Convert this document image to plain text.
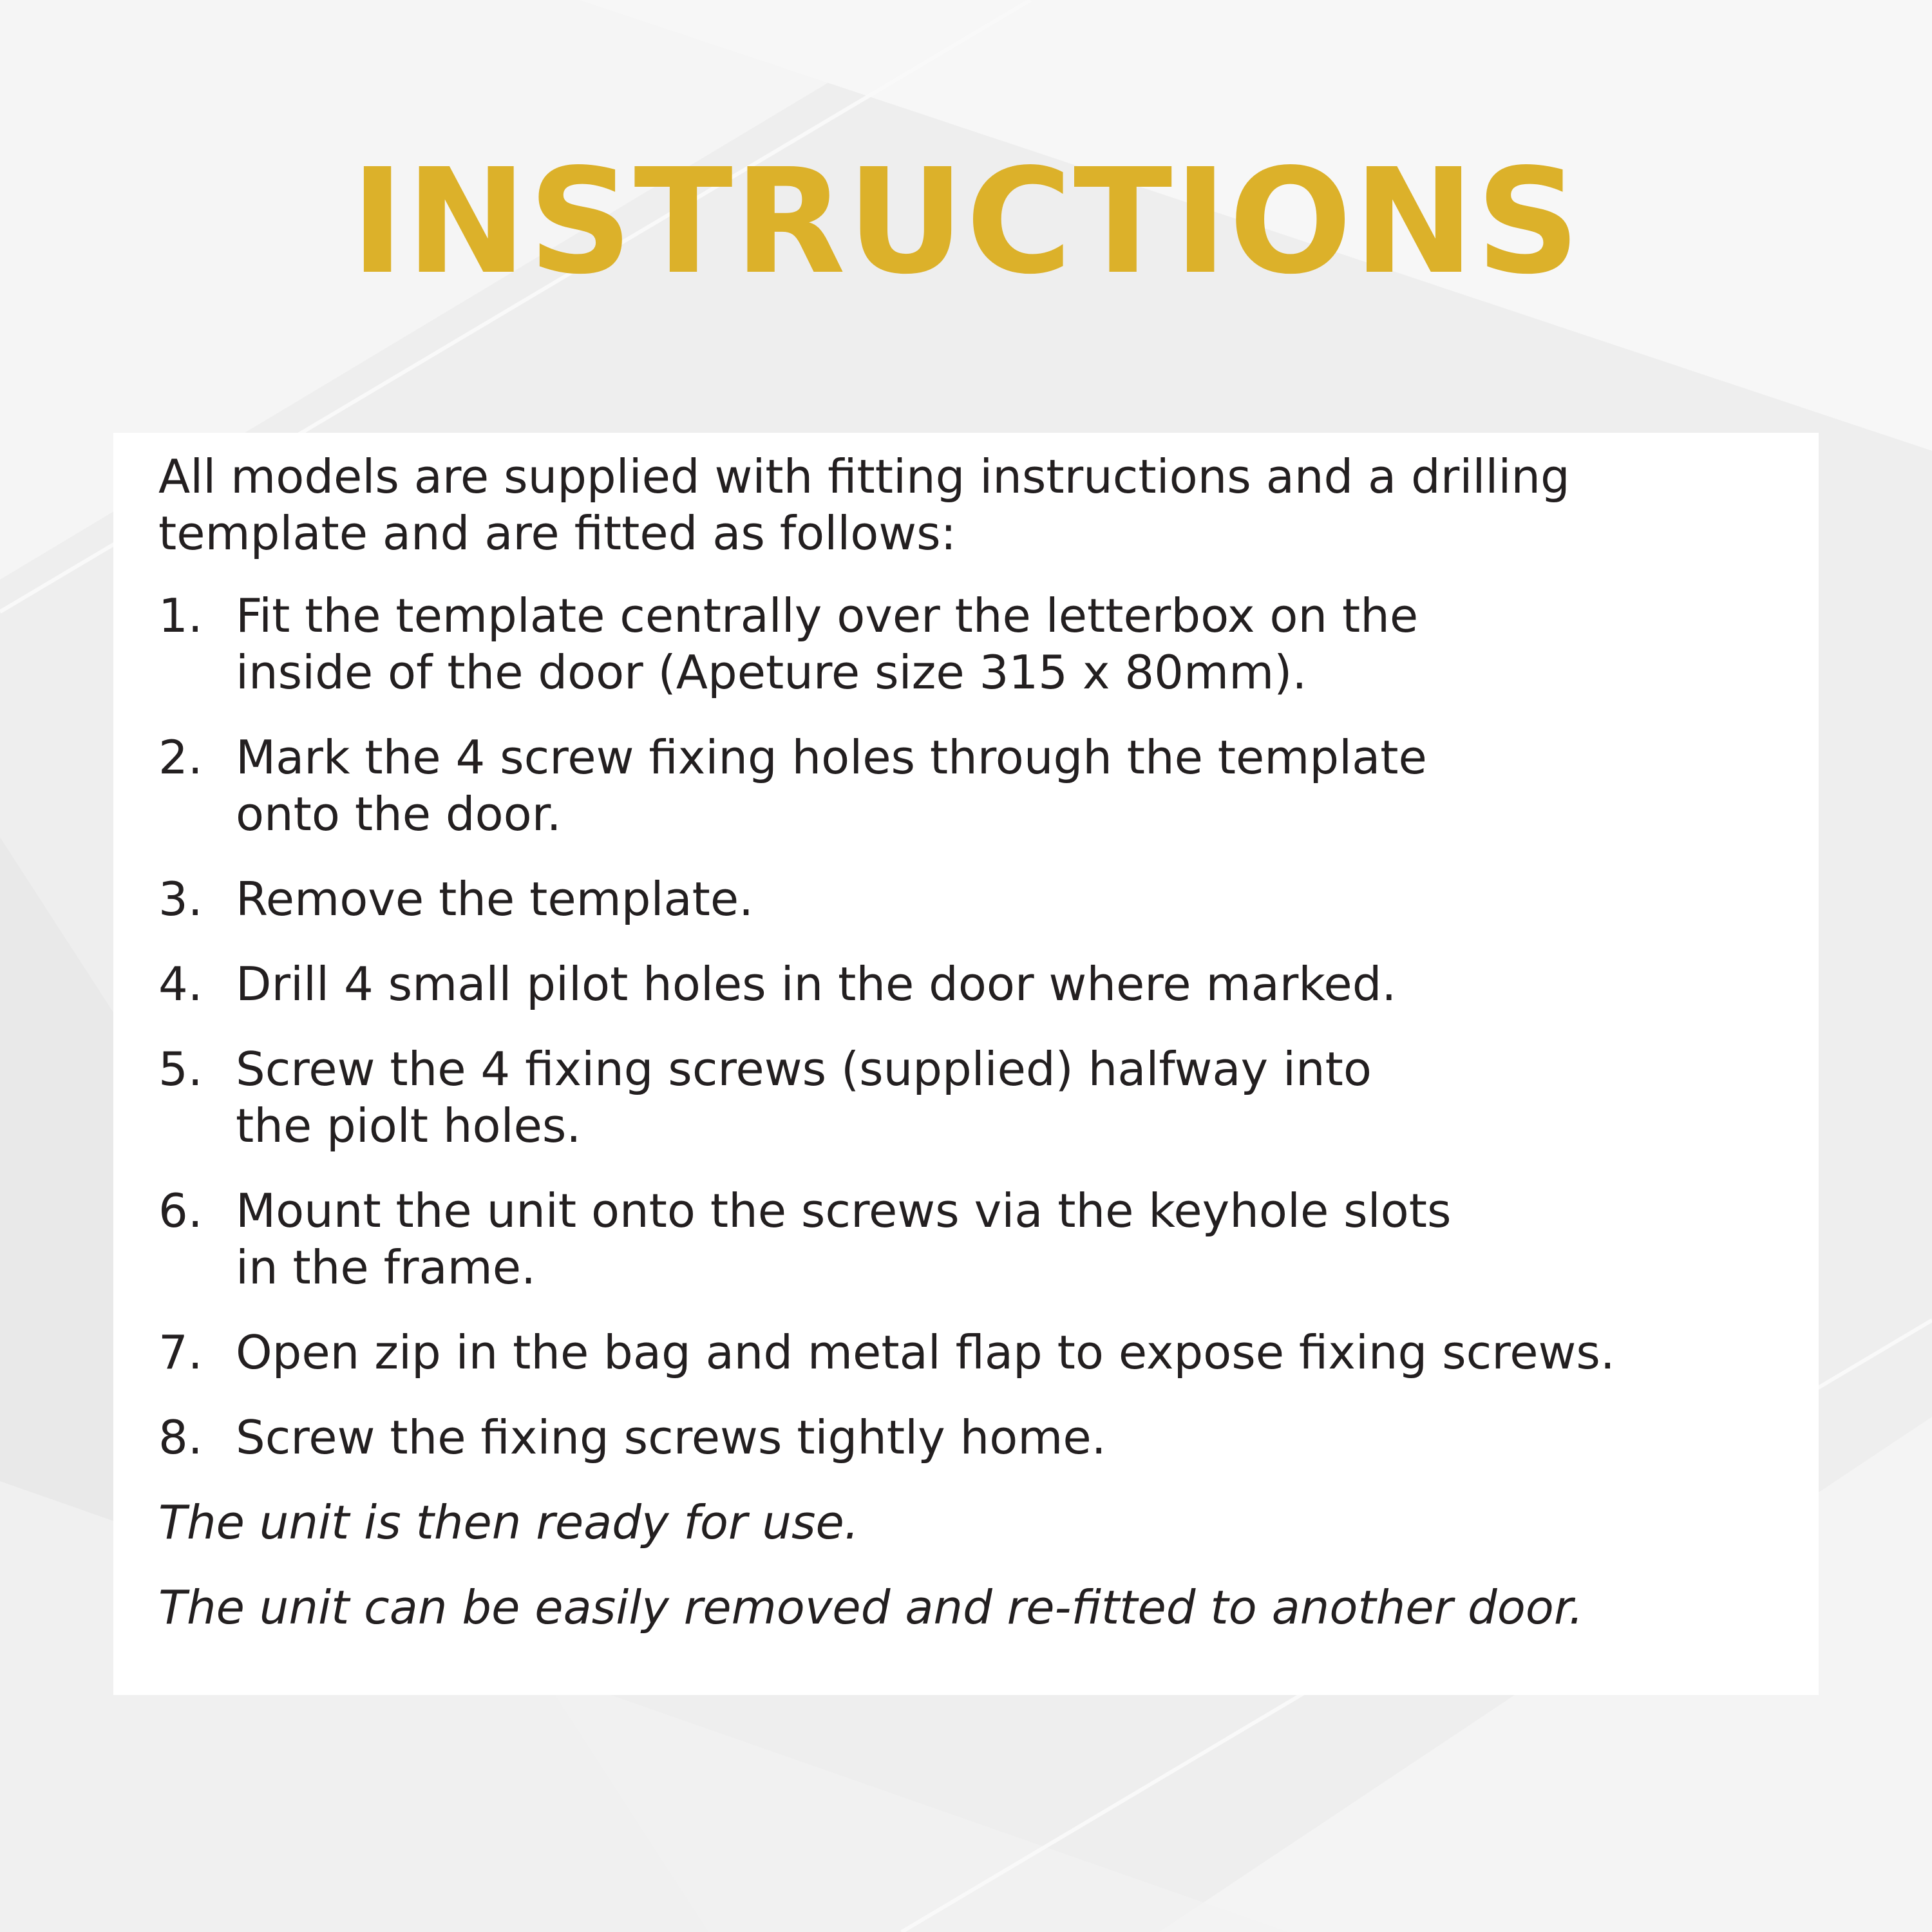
INSTRUCTIONS

All models are supplied with fitting instructions and a drilling
template and are fitted as follows:

1. Fit the template centrally over the letterbox on the
inside of the door (Apeture size 315 x 80mm).
2. Mark the 4 screw fixing holes through the template
onto the door.
3. Remove the template.
4. Drill 4 small pilot holes in the door where marked.
5. Screw the 4 fixing screws (supplied) halfway into
the piolt holes.
6. Mount the unit onto the screws via the keyhole slots
in the frame.
7. Open zip in the bag and metal flap to expose fixing screws.
8. Screw the fixing screws tightly home.

The unit is then ready for use.

The unit can be easily removed and re-fitted to another door.
